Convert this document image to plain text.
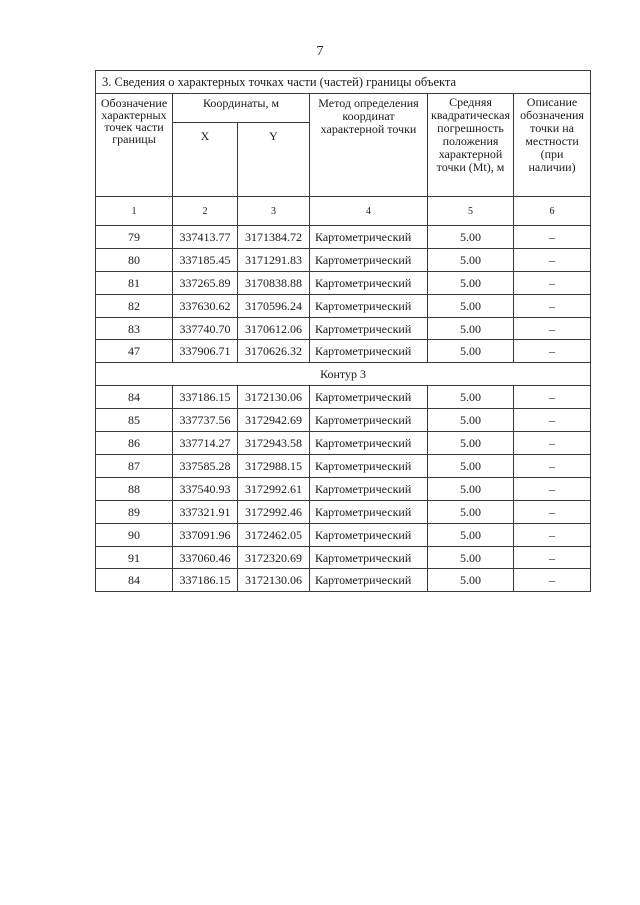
7
3. Сведения о характерных точках части (частей) границы объекта					
Обозначение характерных точек части границы	Координаты, м		Метод определения координат характерной точки	Средняя квадратическая погрешность положения характерной точки (Mt), м	Описание обозначения точки на местности (при наличии)
	X	Y			
1	2	3	4	5	6
79	337413.77	3171384.72	Картометрический	5.00	–
80	337185.45	3171291.83	Картометрический	5.00	–
81	337265.89	3170838.88	Картометрический	5.00	–
82	337630.62	3170596.24	Картометрический	5.00	–
83	337740.70	3170612.06	Картометрический	5.00	–
47	337906.71	3170626.32	Картометрический	5.00	–
Контур 3					
84	337186.15	3172130.06	Картометрический	5.00	–
85	337737.56	3172942.69	Картометрический	5.00	–
86	337714.27	3172943.58	Картометрический	5.00	–
87	337585.28	3172988.15	Картометрический	5.00	–
88	337540.93	3172992.61	Картометрический	5.00	–
89	337321.91	3172992.46	Картометрический	5.00	–
90	337091.96	3172462.05	Картометрический	5.00	–
91	337060.46	3172320.69	Картометрический	5.00	–
84	337186.15	3172130.06	Картометрический	5.00	–
